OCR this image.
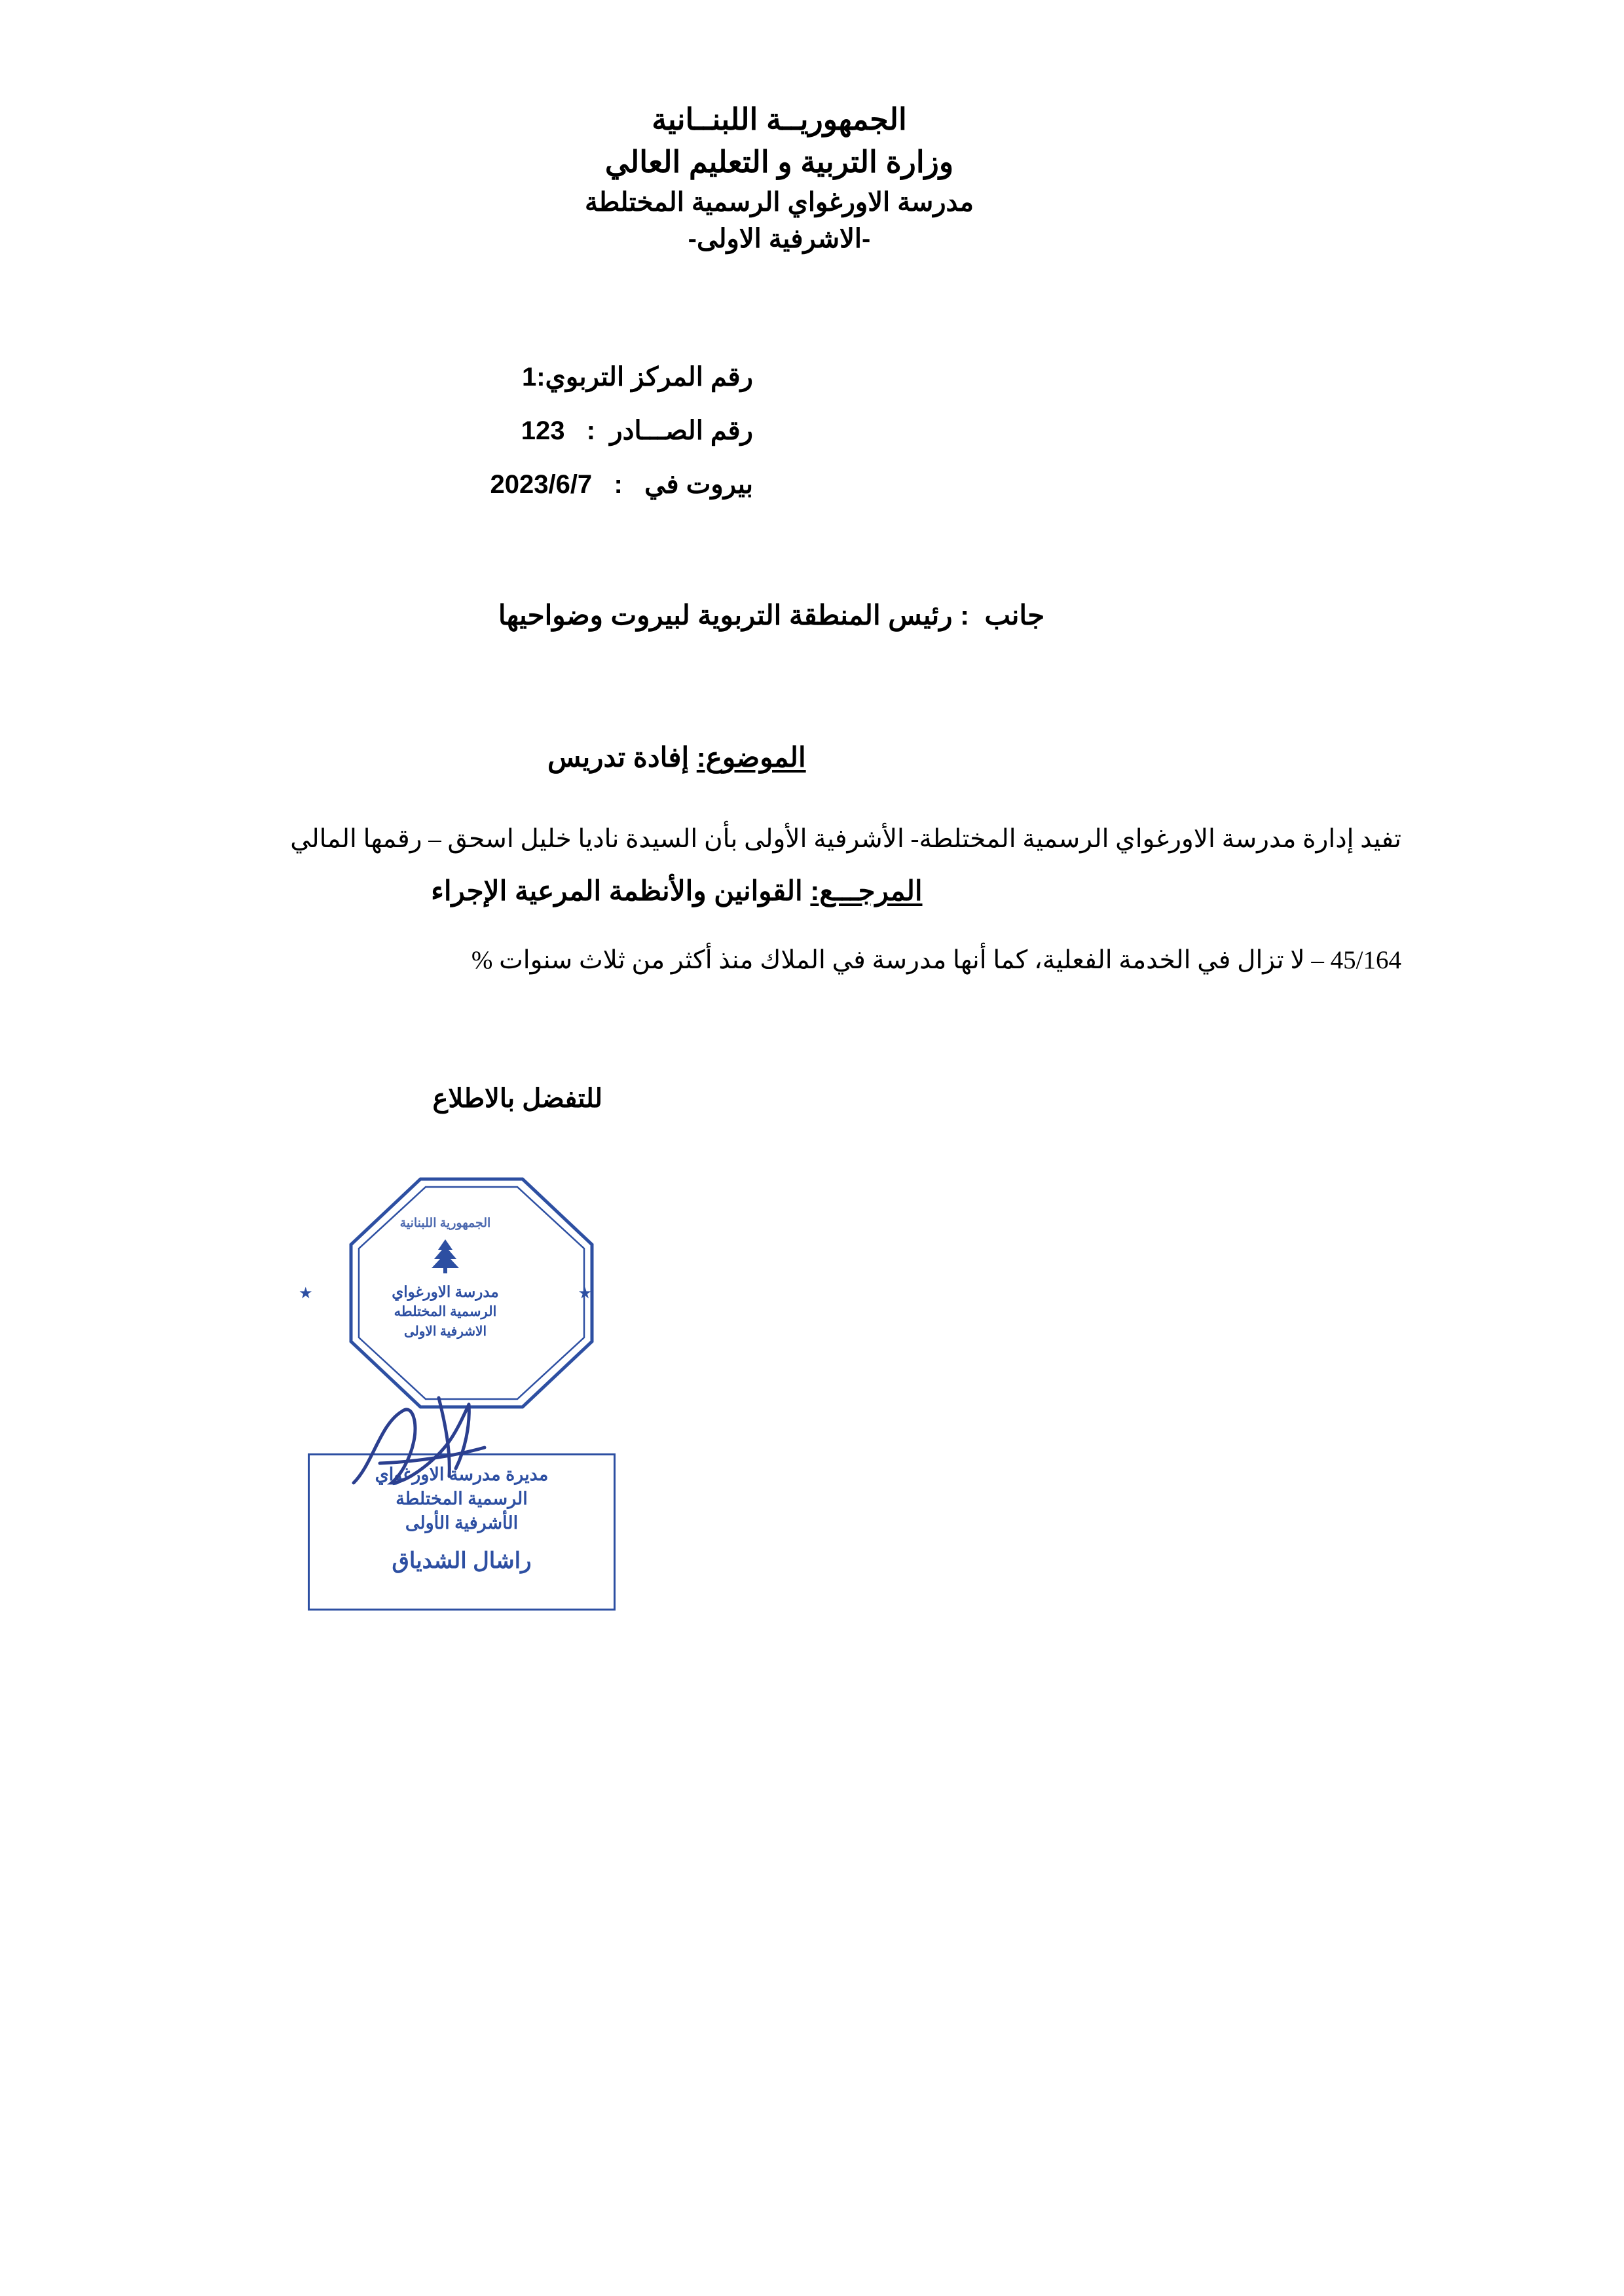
الجمهوريــة اللبنــانية
وزارة التربية و التعليم العالي
مدرسة الاورغواي الرسمية المختلطة
-الاشرفية الاولى-
رقم المركز التربوي:1
رقم الصـــادر  :   123
بيروت في   :   2023/6/7
جانب  : رئيس المنطقة التربوية لبيروت وضواحيها

الموضوع: إفادة تدريس

المرجـــع: القوانين والأنظمة المرعية الإجراء

تفيد إدارة مدرسة الاورغواي الرسمية المختلطة- الأشرفية الأولى بأن السيدة ناديا خليل اسحق – رقمها المالي
45/164 – لا تزال في الخدمة الفعلية، كما أنها مدرسة في الملاك منذ أكثر من ثلاث سنوات %
للتفضل بالاطلاع
الجمهورية اللبنانية
★
★	مدرسة الاورغواي
الرسمية المختلطه
الاشرفية الاولى
مديرة مدرسة الاورغواي
الرسمية المختلطة
الأشرفية الأولى
راشال الشدياق
